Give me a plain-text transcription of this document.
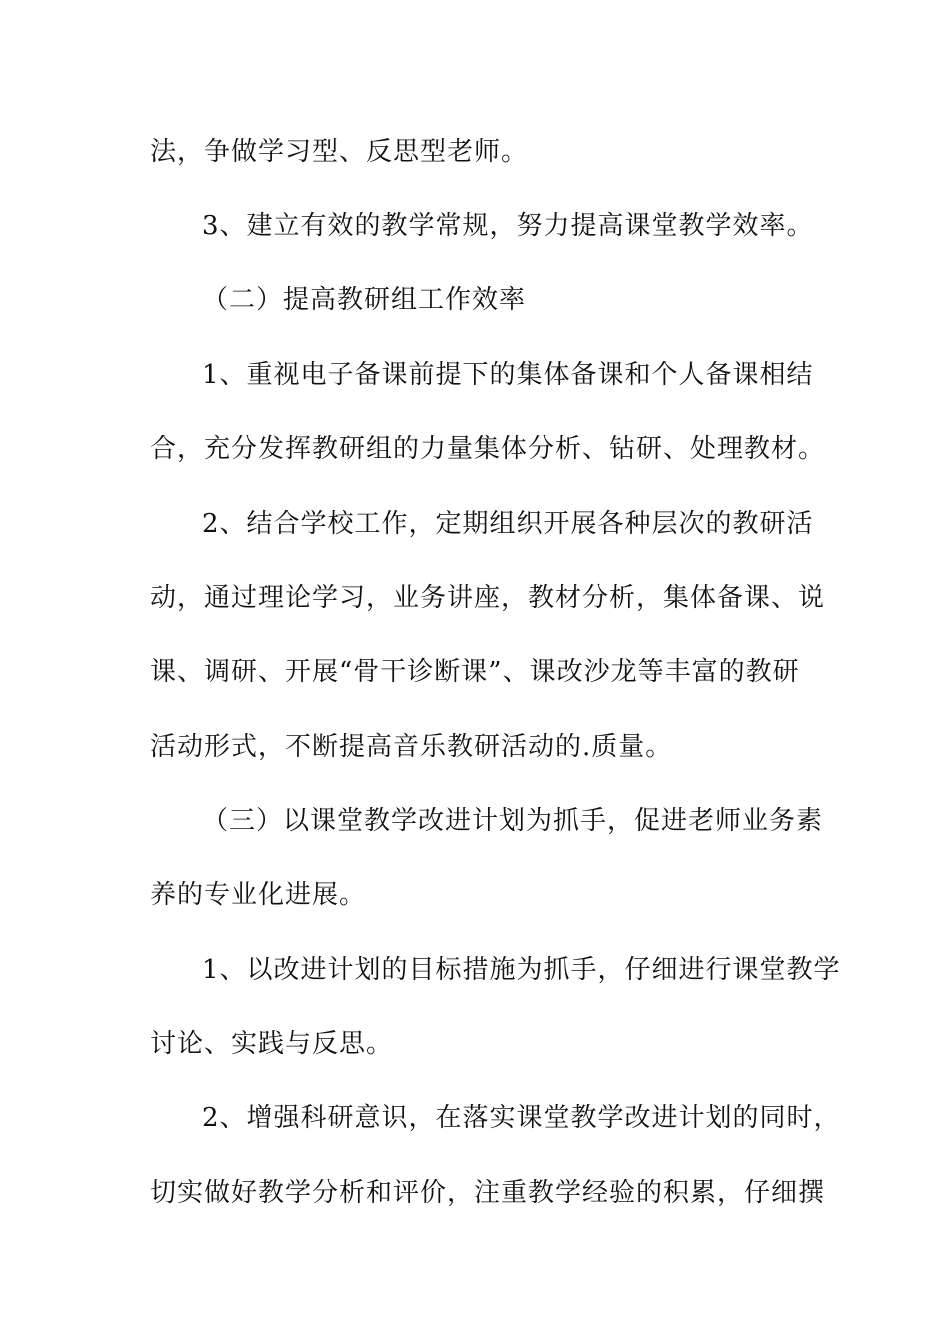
法，争做学习型、反思型老师。
3、建立有效的教学常规，努力提高课堂教学效率。
（二）提高教研组工作效率
1、重视电子备课前提下的集体备课和个人备课相结
合，充分发挥教研组的力量集体分析、钻研、处理教材。
2、结合学校工作，定期组织开展各种层次的教研活
动，通过理论学习，业务讲座，教材分析，集体备课、说
课、调研、开展“骨干诊断课”、课改沙龙等丰富的教研
活动形式，不断提高音乐教研活动的.质量。
（三）以课堂教学改进计划为抓手，促进老师业务素
养的专业化进展。
1、以改进计划的目标措施为抓手，仔细进行课堂教学
讨论、实践与反思。
2、增强科研意识，在落实课堂教学改进计划的同时，
切实做好教学分析和评价，注重教学经验的积累，仔细撰
